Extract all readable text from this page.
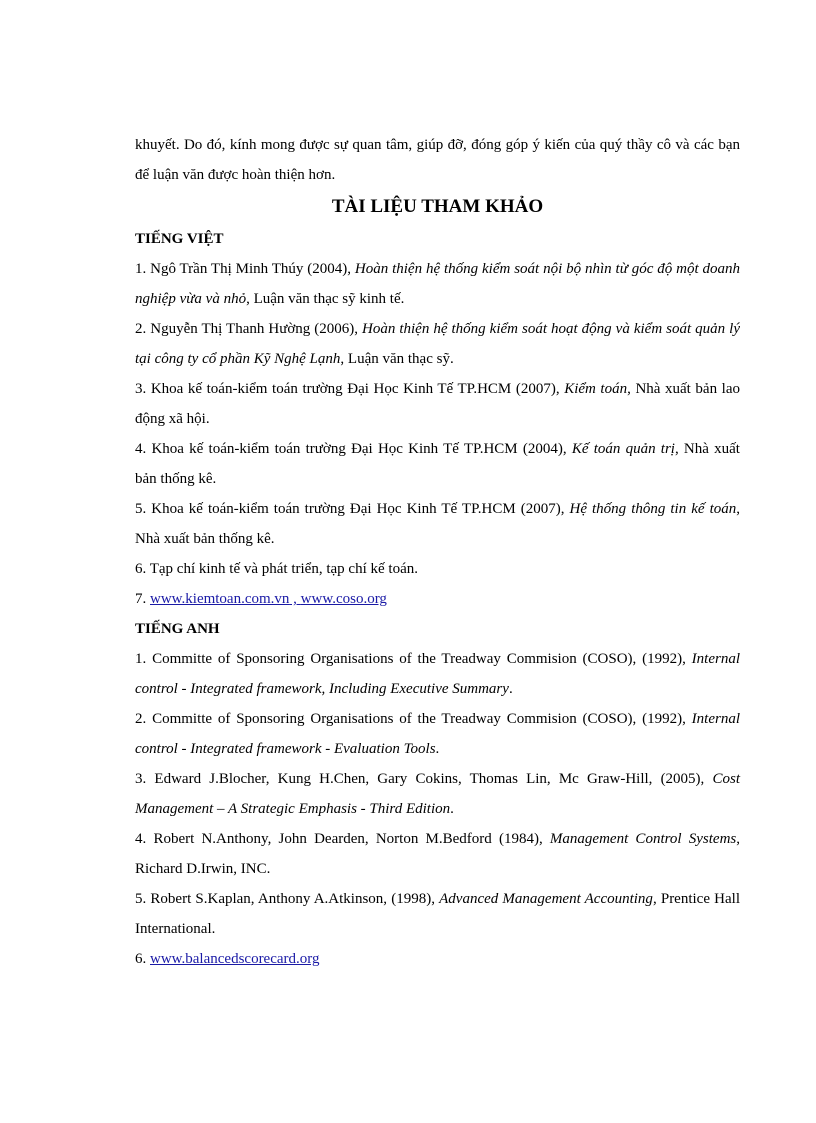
khuyết. Do đó, kính mong được sự quan tâm, giúp đỡ, đóng góp ý kiến của quý thầy cô và các bạn để luận văn được hoàn thiện hơn.

TÀI LIỆU THAM KHẢO
TIẾNG VIỆT

1. Ngô Trần Thị Minh Thúy (2004), Hoàn thiện hệ thống kiểm soát nội bộ nhìn từ góc độ một doanh nghiệp vừa và nhỏ, Luận văn thạc sỹ kinh tế.

2. Nguyễn Thị Thanh Hường (2006), Hoàn thiện hệ thống kiểm soát hoạt động và kiểm soát quản lý tại công ty cổ phần Kỹ Nghệ Lạnh, Luận văn thạc sỹ.

3. Khoa kế toán-kiểm toán trường Đại Học Kinh Tế TP.HCM (2007), Kiểm toán, Nhà xuất bản lao động xã hội.

4. Khoa kế toán-kiểm toán trường Đại Học Kinh Tế TP.HCM (2004), Kế toán quản trị, Nhà xuất bản thống kê.

5. Khoa kế toán-kiểm toán trường Đại Học Kinh Tế TP.HCM (2007), Hệ thống thông tin kế toán, Nhà xuất bản thống kê.

6. Tạp chí kinh tế và phát triển, tạp chí kế toán.

7. www.kiemtoan.com.vn , www.coso.org

TIẾNG ANH

1. Committe of Sponsoring Organisations of the Treadway Commision (COSO), (1992), Internal control - Integrated framework, Including Executive Summary.

2. Committe of Sponsoring Organisations of the Treadway Commision (COSO), (1992), Internal control - Integrated framework - Evaluation Tools.

3. Edward J.Blocher, Kung H.Chen, Gary Cokins, Thomas Lin, Mc Graw-Hill, (2005), Cost Management – A Strategic Emphasis - Third Edition.

4. Robert N.Anthony, John Dearden, Norton M.Bedford (1984), Management Control Systems, Richard D.Irwin, INC.

5. Robert S.Kaplan, Anthony A.Atkinson, (1998), Advanced Management Accounting, Prentice Hall International.

6. www.balancedscorecard.org
